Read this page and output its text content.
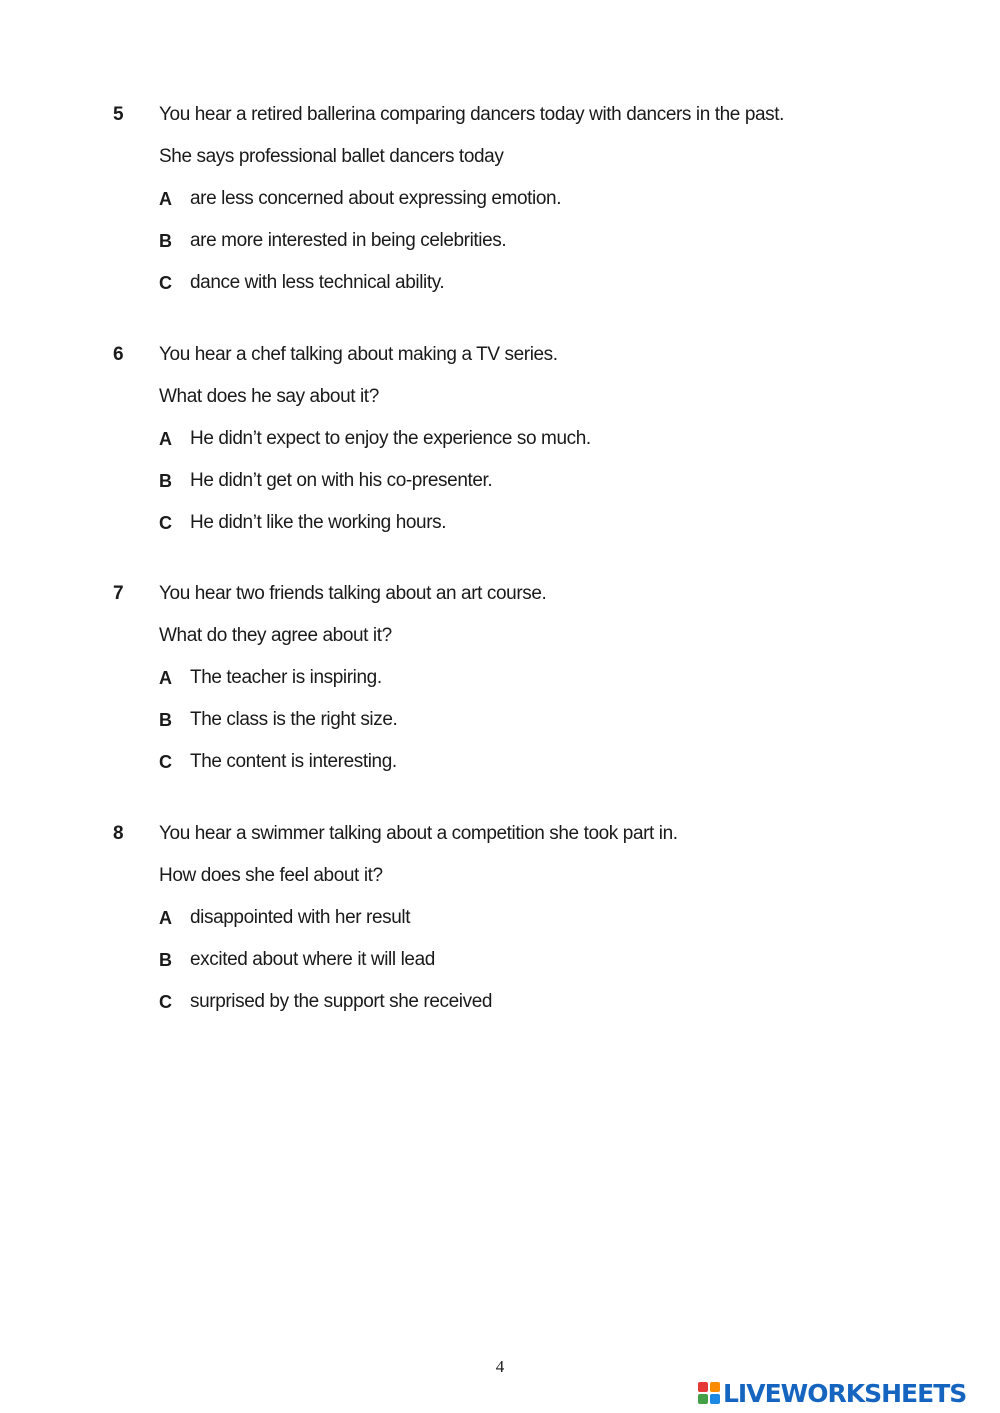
5 You hear a retired ballerina comparing dancers today with dancers in the past.
She says professional ballet dancers today
A are less concerned about expressing emotion.
B are more interested in being celebrities.
C dance with less technical ability.
6 You hear a chef talking about making a TV series.
What does he say about it?
A He didn’t expect to enjoy the experience so much.
B He didn’t get on with his co-presenter.
C He didn’t like the working hours.
7 You hear two friends talking about an art course.
What do they agree about it?
A The teacher is inspiring.
B The class is the right size.
C The content is interesting.
8 You hear a swimmer talking about a competition she took part in.
How does she feel about it?
A disappointed with her result
B excited about where it will lead
C surprised by the support she received
4
LIVEWORKSHEETS
